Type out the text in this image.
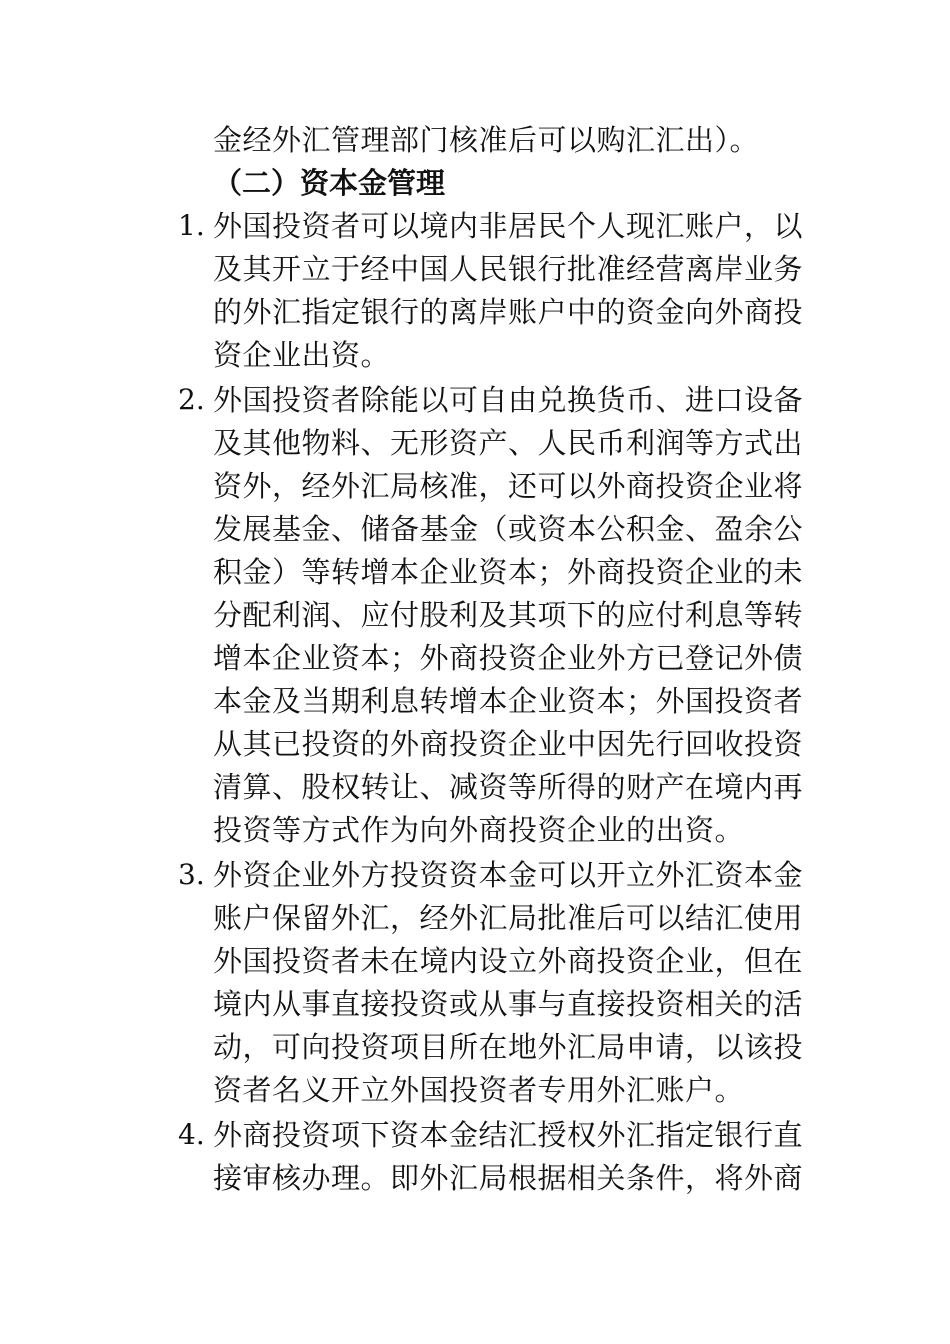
金经外汇管理部门核准后可以购汇汇出）。
（二）资本金管理
1. 外国投资者可以境内非居民个人现汇账户，以
及其开立于经中国人民银行批准经营离岸业务
的外汇指定银行的离岸账户中的资金向外商投
资企业出资。
2. 外国投资者除能以可自由兑换货币、进口设备
及其他物料、无形资产、人民币利润等方式出
资外，经外汇局核准，还可以外商投资企业将
发展基金、储备基金（或资本公积金、盈余公
积金）等转增本企业资本；外商投资企业的未
分配利润、应付股利及其项下的应付利息等转
增本企业资本；外商投资企业外方已登记外债
本金及当期利息转增本企业资本；外国投资者
从其已投资的外商投资企业中因先行回收投资
清算、股权转让、减资等所得的财产在境内再
投资等方式作为向外商投资企业的出资。
3. 外资企业外方投资资本金可以开立外汇资本金
账户保留外汇，经外汇局批准后可以结汇使用
外国投资者未在境内设立外商投资企业，但在
境内从事直接投资或从事与直接投资相关的活
动，可向投资项目所在地外汇局申请，以该投
资者名义开立外国投资者专用外汇账户。
4. 外商投资项下资本金结汇授权外汇指定银行直
接审核办理。即外汇局根据相关条件，将外商
